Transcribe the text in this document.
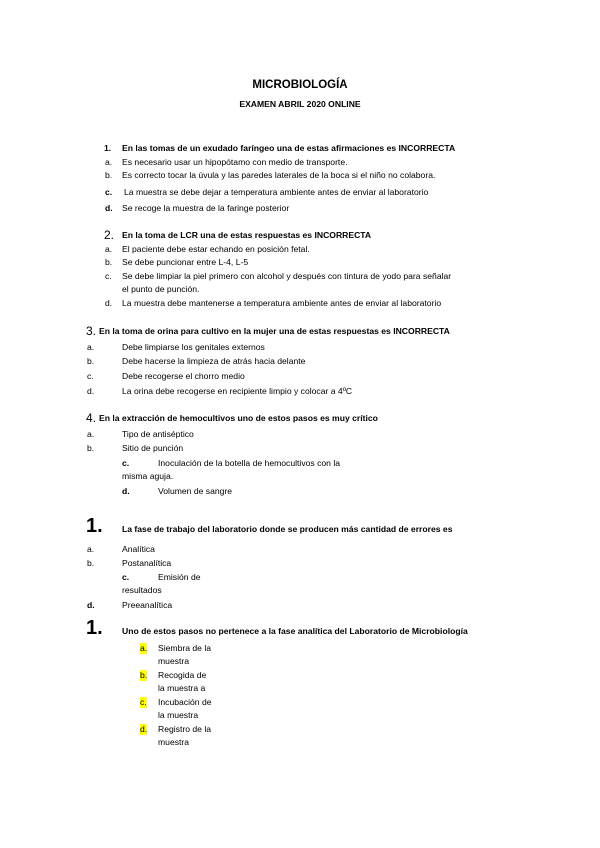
MICROBIOLOGÍA
EXAMEN ABRIL 2020 ONLINE
1. En las tomas de un exudado faríngeo una de estas afirmaciones es INCORRECTA
a. Es necesario usar un hipopótamo con medio de transporte.
b. Es correcto tocar la úvula y las paredes laterales de la boca si el niño no colabora.
c. La muestra se debe dejar a temperatura ambiente antes de enviar al laboratorio
d. Se recoge la muestra de la faringe posterior
2. En la toma de LCR una de estas respuestas es INCORRECTA
a. El paciente debe estar echando en posición fetal.
b. Se debe puncionar entre L-4, L-5
c. Se debe limpiar la piel primero con alcohol y después con tintura de yodo para señalar
el punto de punción.
d. La muestra debe mantenerse a temperatura ambiente antes de enviar al laboratorio
3. En la toma de orina para cultivo en la mujer una de estas respuestas es INCORRECTA
a.	Debe limpiarse los genitales externos
b.	Debe hacerse la limpieza de atrás hacia delante
c.	Debe recogerse el chorro medio
d.	La orina debe recogerse en recipiente limpio y colocar a 4ºC
4. En la extracción de hemocultivos uno de estos pasos es muy crítico
a.	Tipo de antiséptico
b.	Sitio de punción
c.	Inoculación de la botella de hemocultivos con la
misma aguja.
d.	Volumen de sangre
1. La fase de trabajo del laboratorio donde se producen más cantidad de errores es
a.	Analítica
b.	Postanalítica
c.	Emisión de
resultados
d.	Preeanalítica
1. Uno de estos pasos no pertenece a la fase analítica del Laboratorio de Microbiología
a. Siembra de la
muestra
b. Recogida de
la muestra a
c. Incubación de
la muestra
d. Registro de la
muestra
